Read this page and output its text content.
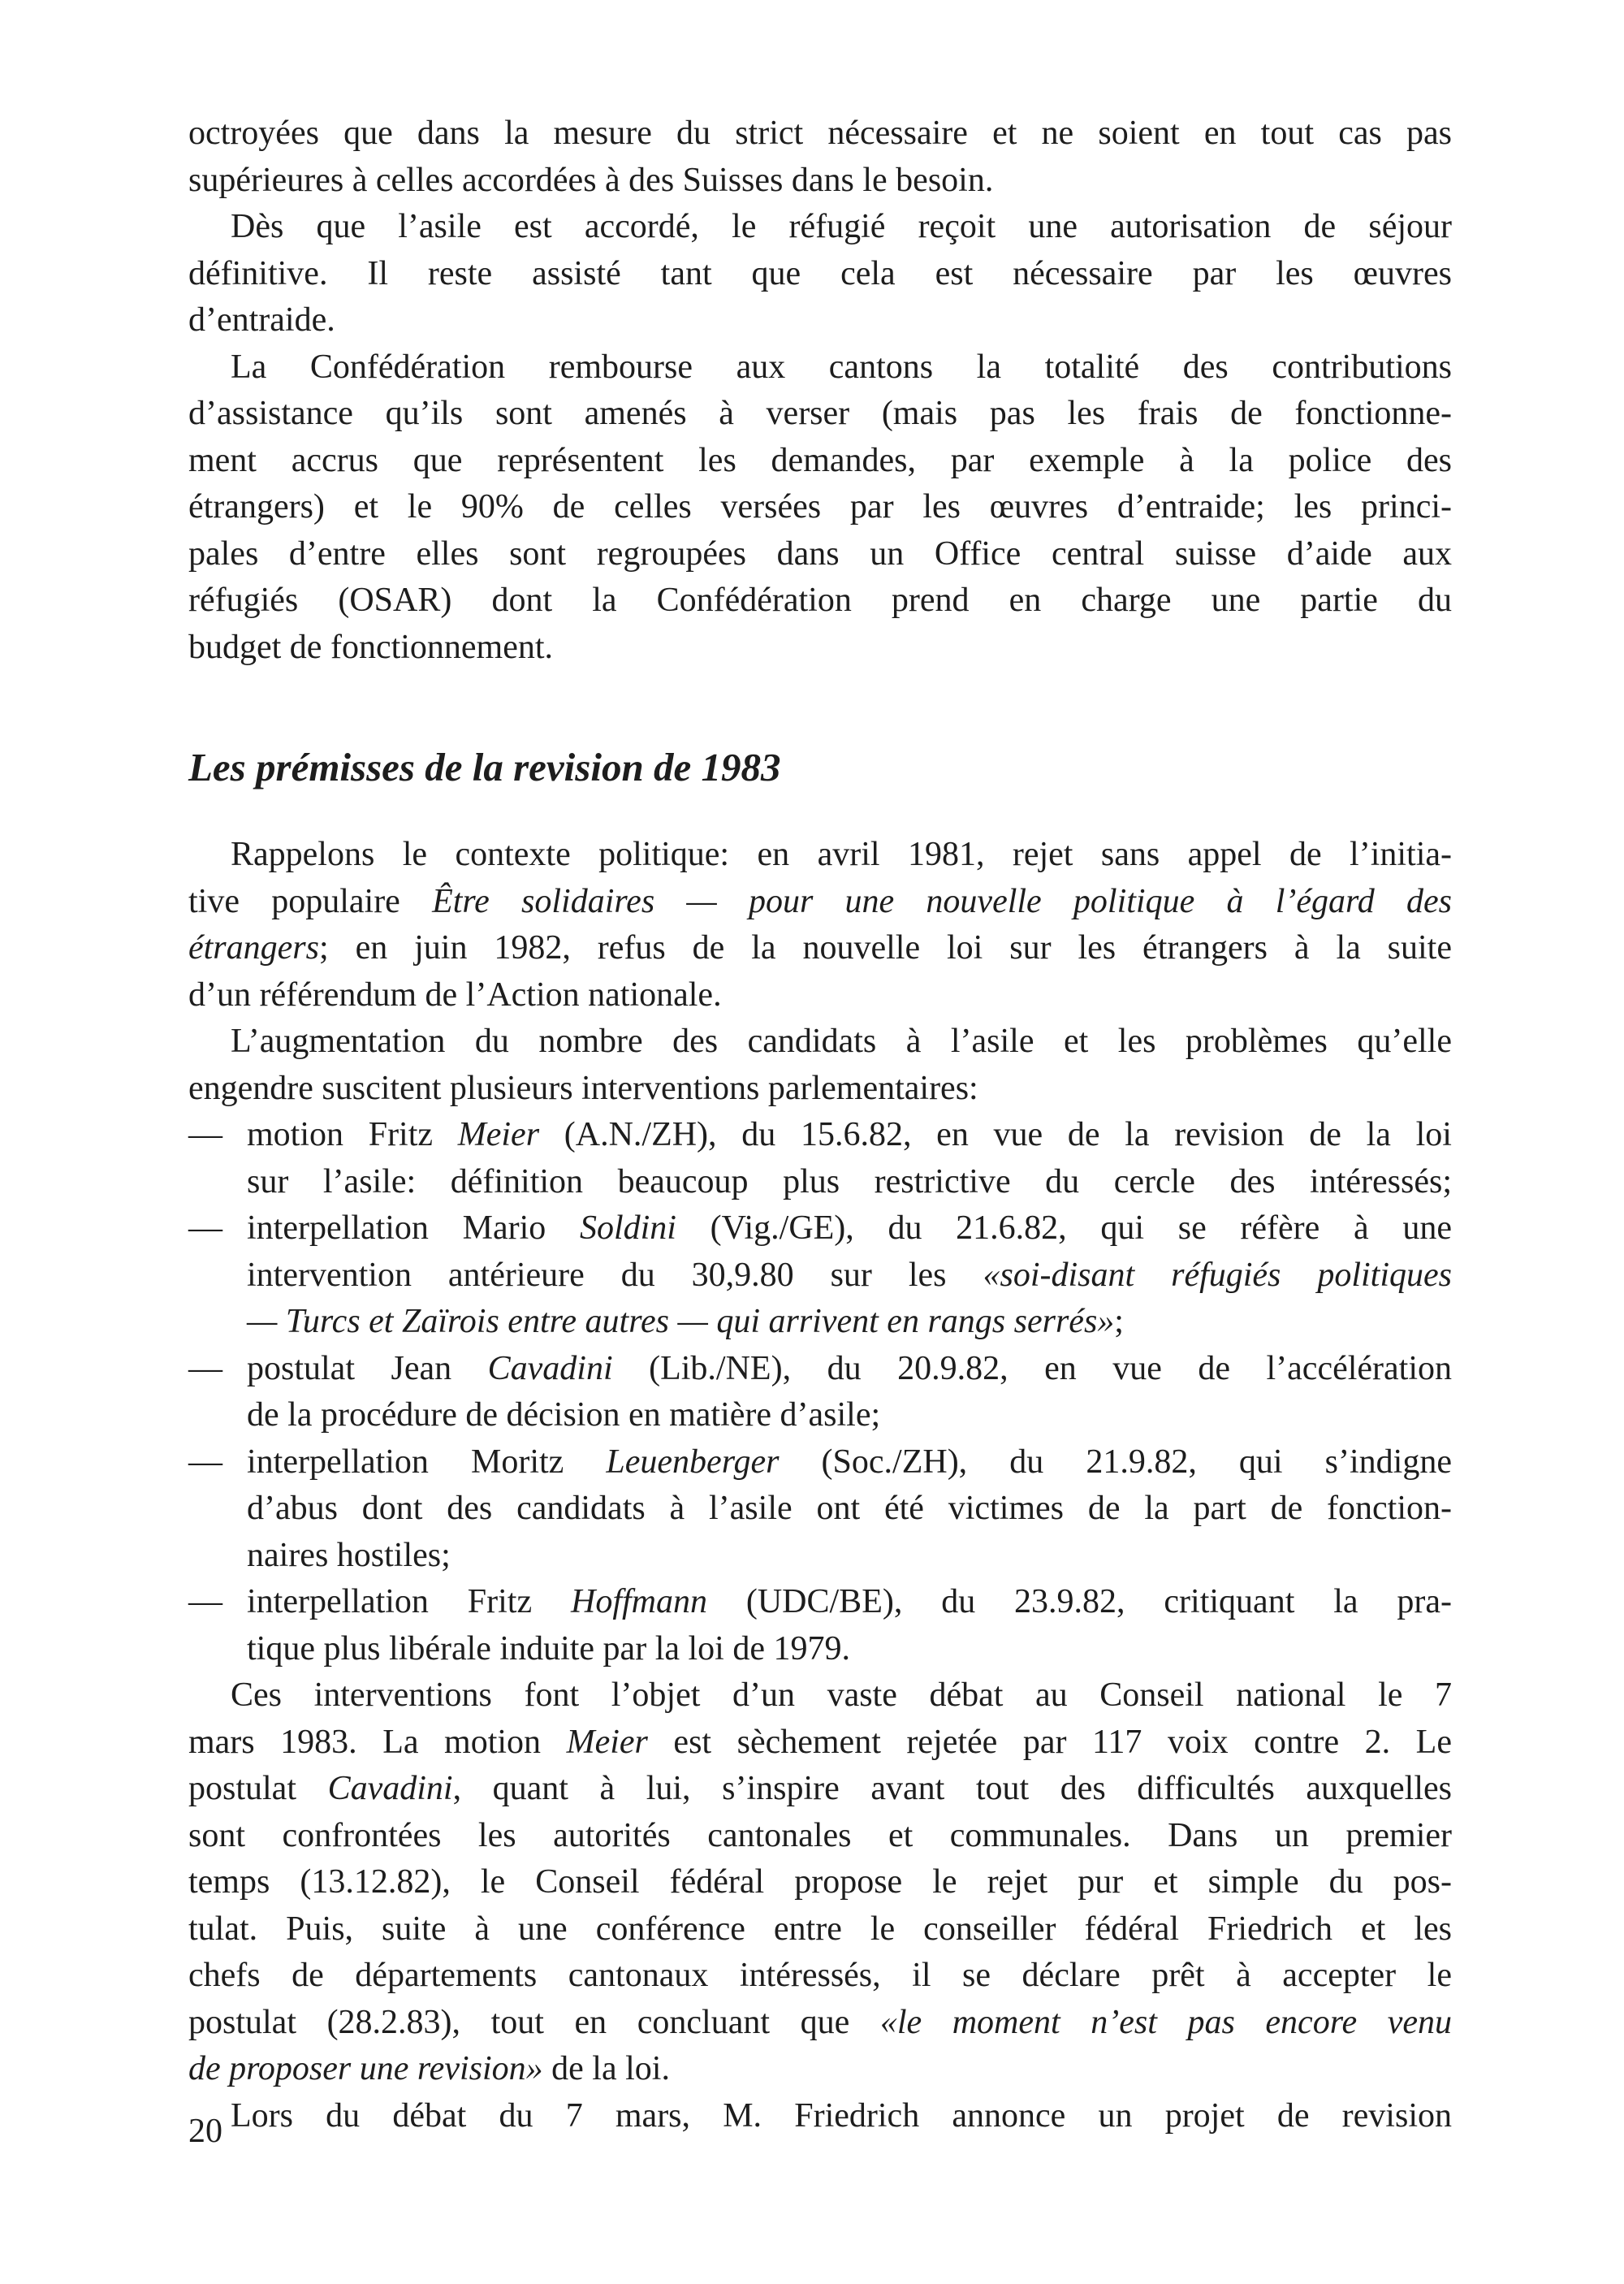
octroyées que dans la mesure du strict nécessaire et ne soient en tout cas pas
supérieures à celles accordées à des Suisses dans le besoin.
Dès que l’asile est accordé, le réfugié reçoit une autorisation de séjour
définitive. Il reste assisté tant que cela est nécessaire par les œuvres
d’entraide.
La Confédération rembourse aux cantons la totalité des contributions
d’assistance qu’ils sont amenés à verser (mais pas les frais de fonctionne-
ment accrus que représentent les demandes, par exemple à la police des
étrangers) et le 90% de celles versées par les œuvres d’entraide; les princi-
pales d’entre elles sont regroupées dans un Office central suisse d’aide aux
réfugiés (OSAR) dont la Confédération prend en charge une partie du
budget de fonctionnement.
Les prémisses de la revision de 1983
Rappelons le contexte politique: en avril 1981, rejet sans appel de l’initia-
tive populaire Être solidaires — pour une nouvelle politique à l’égard des
étrangers; en juin 1982, refus de la nouvelle loi sur les étrangers à la suite
d’un référendum de l’Action nationale.
L’augmentation du nombre des candidats à l’asile et les problèmes qu’elle
engendre suscitent plusieurs interventions parlementaires:
— motion Fritz Meier (A.N./ZH), du 15.6.82, en vue de la revision de la loi
sur l’asile: définition beaucoup plus restrictive du cercle des intéressés;
— interpellation Mario Soldini (Vig./GE), du 21.6.82, qui se réfère à une
intervention antérieure du 30,9.80 sur les «soi-disant réfugiés politiques
— Turcs et Zaïrois entre autres — qui arrivent en rangs serrés»;
— postulat Jean Cavadini (Lib./NE), du 20.9.82, en vue de l’accélération
de la procédure de décision en matière d’asile;
— interpellation Moritz Leuenberger (Soc./ZH), du 21.9.82, qui s’indigne
d’abus dont des candidats à l’asile ont été victimes de la part de fonction-
naires hostiles;
— interpellation Fritz Hoffmann (UDC/BE), du 23.9.82, critiquant la pra-
tique plus libérale induite par la loi de 1979.
Ces interventions font l’objet d’un vaste débat au Conseil national le 7
mars 1983. La motion Meier est sèchement rejetée par 117 voix contre 2. Le
postulat Cavadini, quant à lui, s’inspire avant tout des difficultés auxquelles
sont confrontées les autorités cantonales et communales. Dans un premier
temps (13.12.82), le Conseil fédéral propose le rejet pur et simple du pos-
tulat. Puis, suite à une conférence entre le conseiller fédéral Friedrich et les
chefs de départements cantonaux intéressés, il se déclare prêt à accepter le
postulat (28.2.83), tout en concluant que «le moment n’est pas encore venu
de proposer une revision» de la loi.
Lors du débat du 7 mars, M. Friedrich annonce un projet de revision
20
